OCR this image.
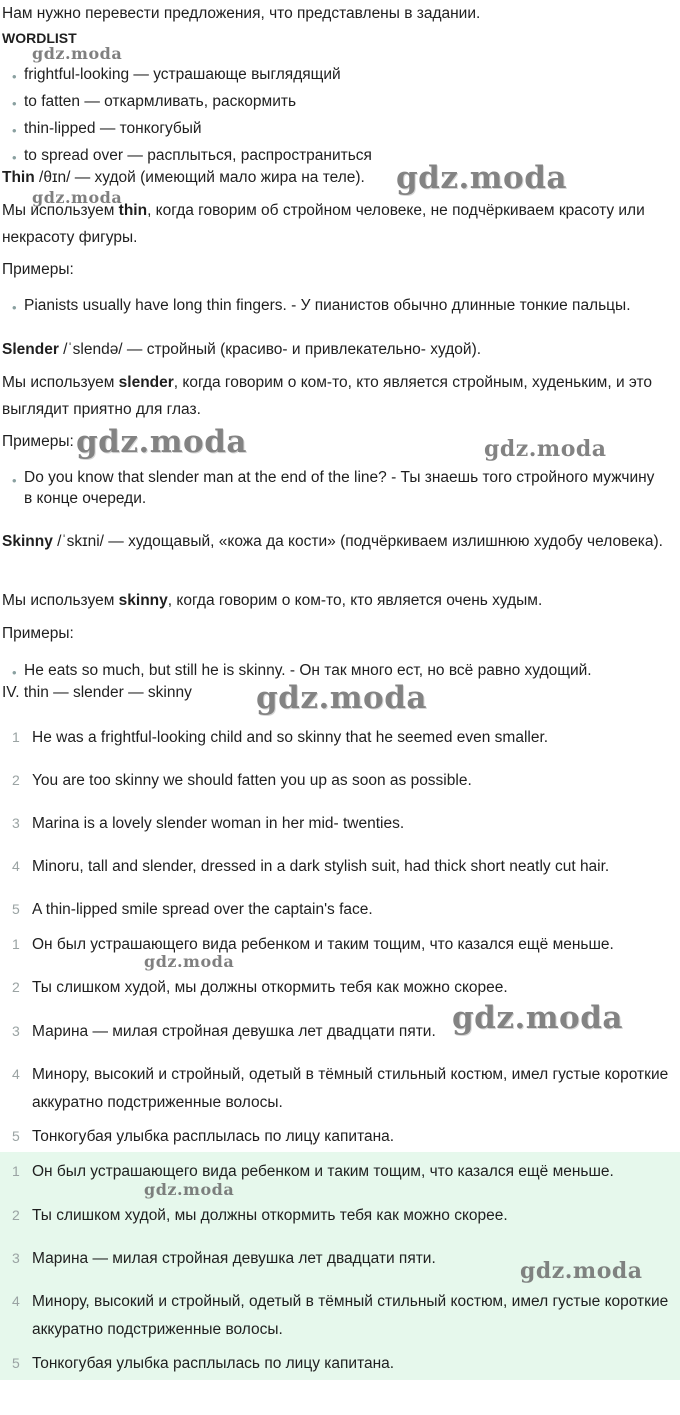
Нам нужно перевести предложения, что представлены в задании.
WORDLIST
• frightful-looking — устрашающе выглядящий
• to fatten — откармливать, раскормить
• thin-lipped — тонкогубый
• to spread over — расплыться, распространиться
Thin /θɪn/ — худой (имеющий мало жира на теле).
Мы используем thin, когда говорим об стройном человеке, не подчёркиваем красоту или некрасоту фигуры.
Примеры:
• Pianists usually have long thin fingers. - У пианистов обычно длинные тонкие пальцы.
Slender /ˈslendə/ — стройный (красиво- и привлекательно- худой).
Мы используем slender, когда говорим о ком-то, кто является стройным, худеньким, и это выглядит приятно для глаз.
Примеры:
• Do you know that slender man at the end of the line? - Ты знаешь того стройного мужчину в конце очереди.
Skinny /ˈskɪni/ — худощавый, «кожа да кости» (подчёркиваем излишнюю худобу человека).
Мы используем skinny, когда говорим о ком-то, кто является очень худым.
Примеры:
• He eats so much, but still he is skinny. - Он так много ест, но всё равно худощий.
IV. thin — slender — skinny
1 He was a frightful-looking child and so skinny that he seemed even smaller.
2 You are too skinny we should fatten you up as soon as possible.
3 Marina is a lovely slender woman in her mid- twenties.
4 Minoru, tall and slender, dressed in a dark stylish suit, had thick short neatly cut hair.
5 A thin-lipped smile spread over the captain's face.
1 Он был устрашающего вида ребенком и таким тощим, что казался ещё меньше.
2 Ты слишком худой, мы должны откормить тебя как можно скорее.
3 Марина — милая стройная девушка лет двадцати пяти.
4 Минору, высокий и стройный, одетый в тёмный стильный костюм, имел густые короткие аккуратно подстриженные волосы.
5 Тонкогубая улыбка расплылась по лицу капитана.
1 Он был устрашающего вида ребенком и таким тощим, что казался ещё меньше.
2 Ты слишком худой, мы должны откормить тебя как можно скорее.
3 Марина — милая стройная девушка лет двадцати пяти.
4 Минору, высокий и стройный, одетый в тёмный стильный костюм, имел густые короткие аккуратно подстриженные волосы.
5 Тонкогубая улыбка расплылась по лицу капитана.
gdz.moda
gdz.moda
gdz.moda
gdz.moda	gdz.moda
gdz.moda
gdz.moda
gdz.moda
gdz.moda
gdz.moda
